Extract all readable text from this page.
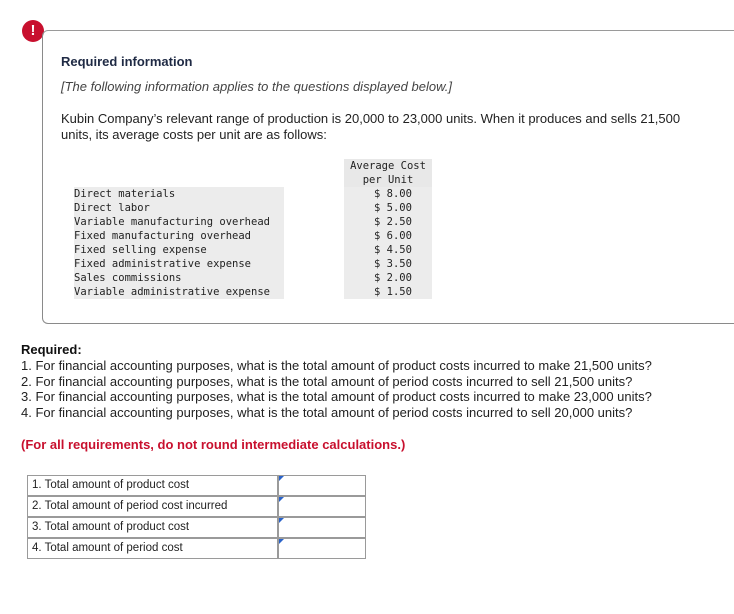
!
Required information
[The following information applies to the questions displayed below.]
Kubin Company’s relevant range of production is 20,000 to 23,000 units. When it produces and sells 21,500 units, its average costs per unit are as follows:
Average Cost
per Unit
Direct materials	$ 8.00
Direct labor	$ 5.00
Variable manufacturing overhead	$ 2.50
Fixed manufacturing overhead	$ 6.00
Fixed selling expense	$ 4.50
Fixed administrative expense	$ 3.50
Sales commissions	$ 2.00
Variable administrative expense	$ 1.50
Required:
1. For financial accounting purposes, what is the total amount of product costs incurred to make 21,500 units?
2. For financial accounting purposes, what is the total amount of period costs incurred to sell 21,500 units?
3. For financial accounting purposes, what is the total amount of product costs incurred to make 23,000 units?
4. For financial accounting purposes, what is the total amount of period costs incurred to sell 20,000 units?
(For all requirements, do not round intermediate calculations.)
1. Total amount of product cost
2. Total amount of period cost incurred
3. Total amount of product cost
4. Total amount of period cost
